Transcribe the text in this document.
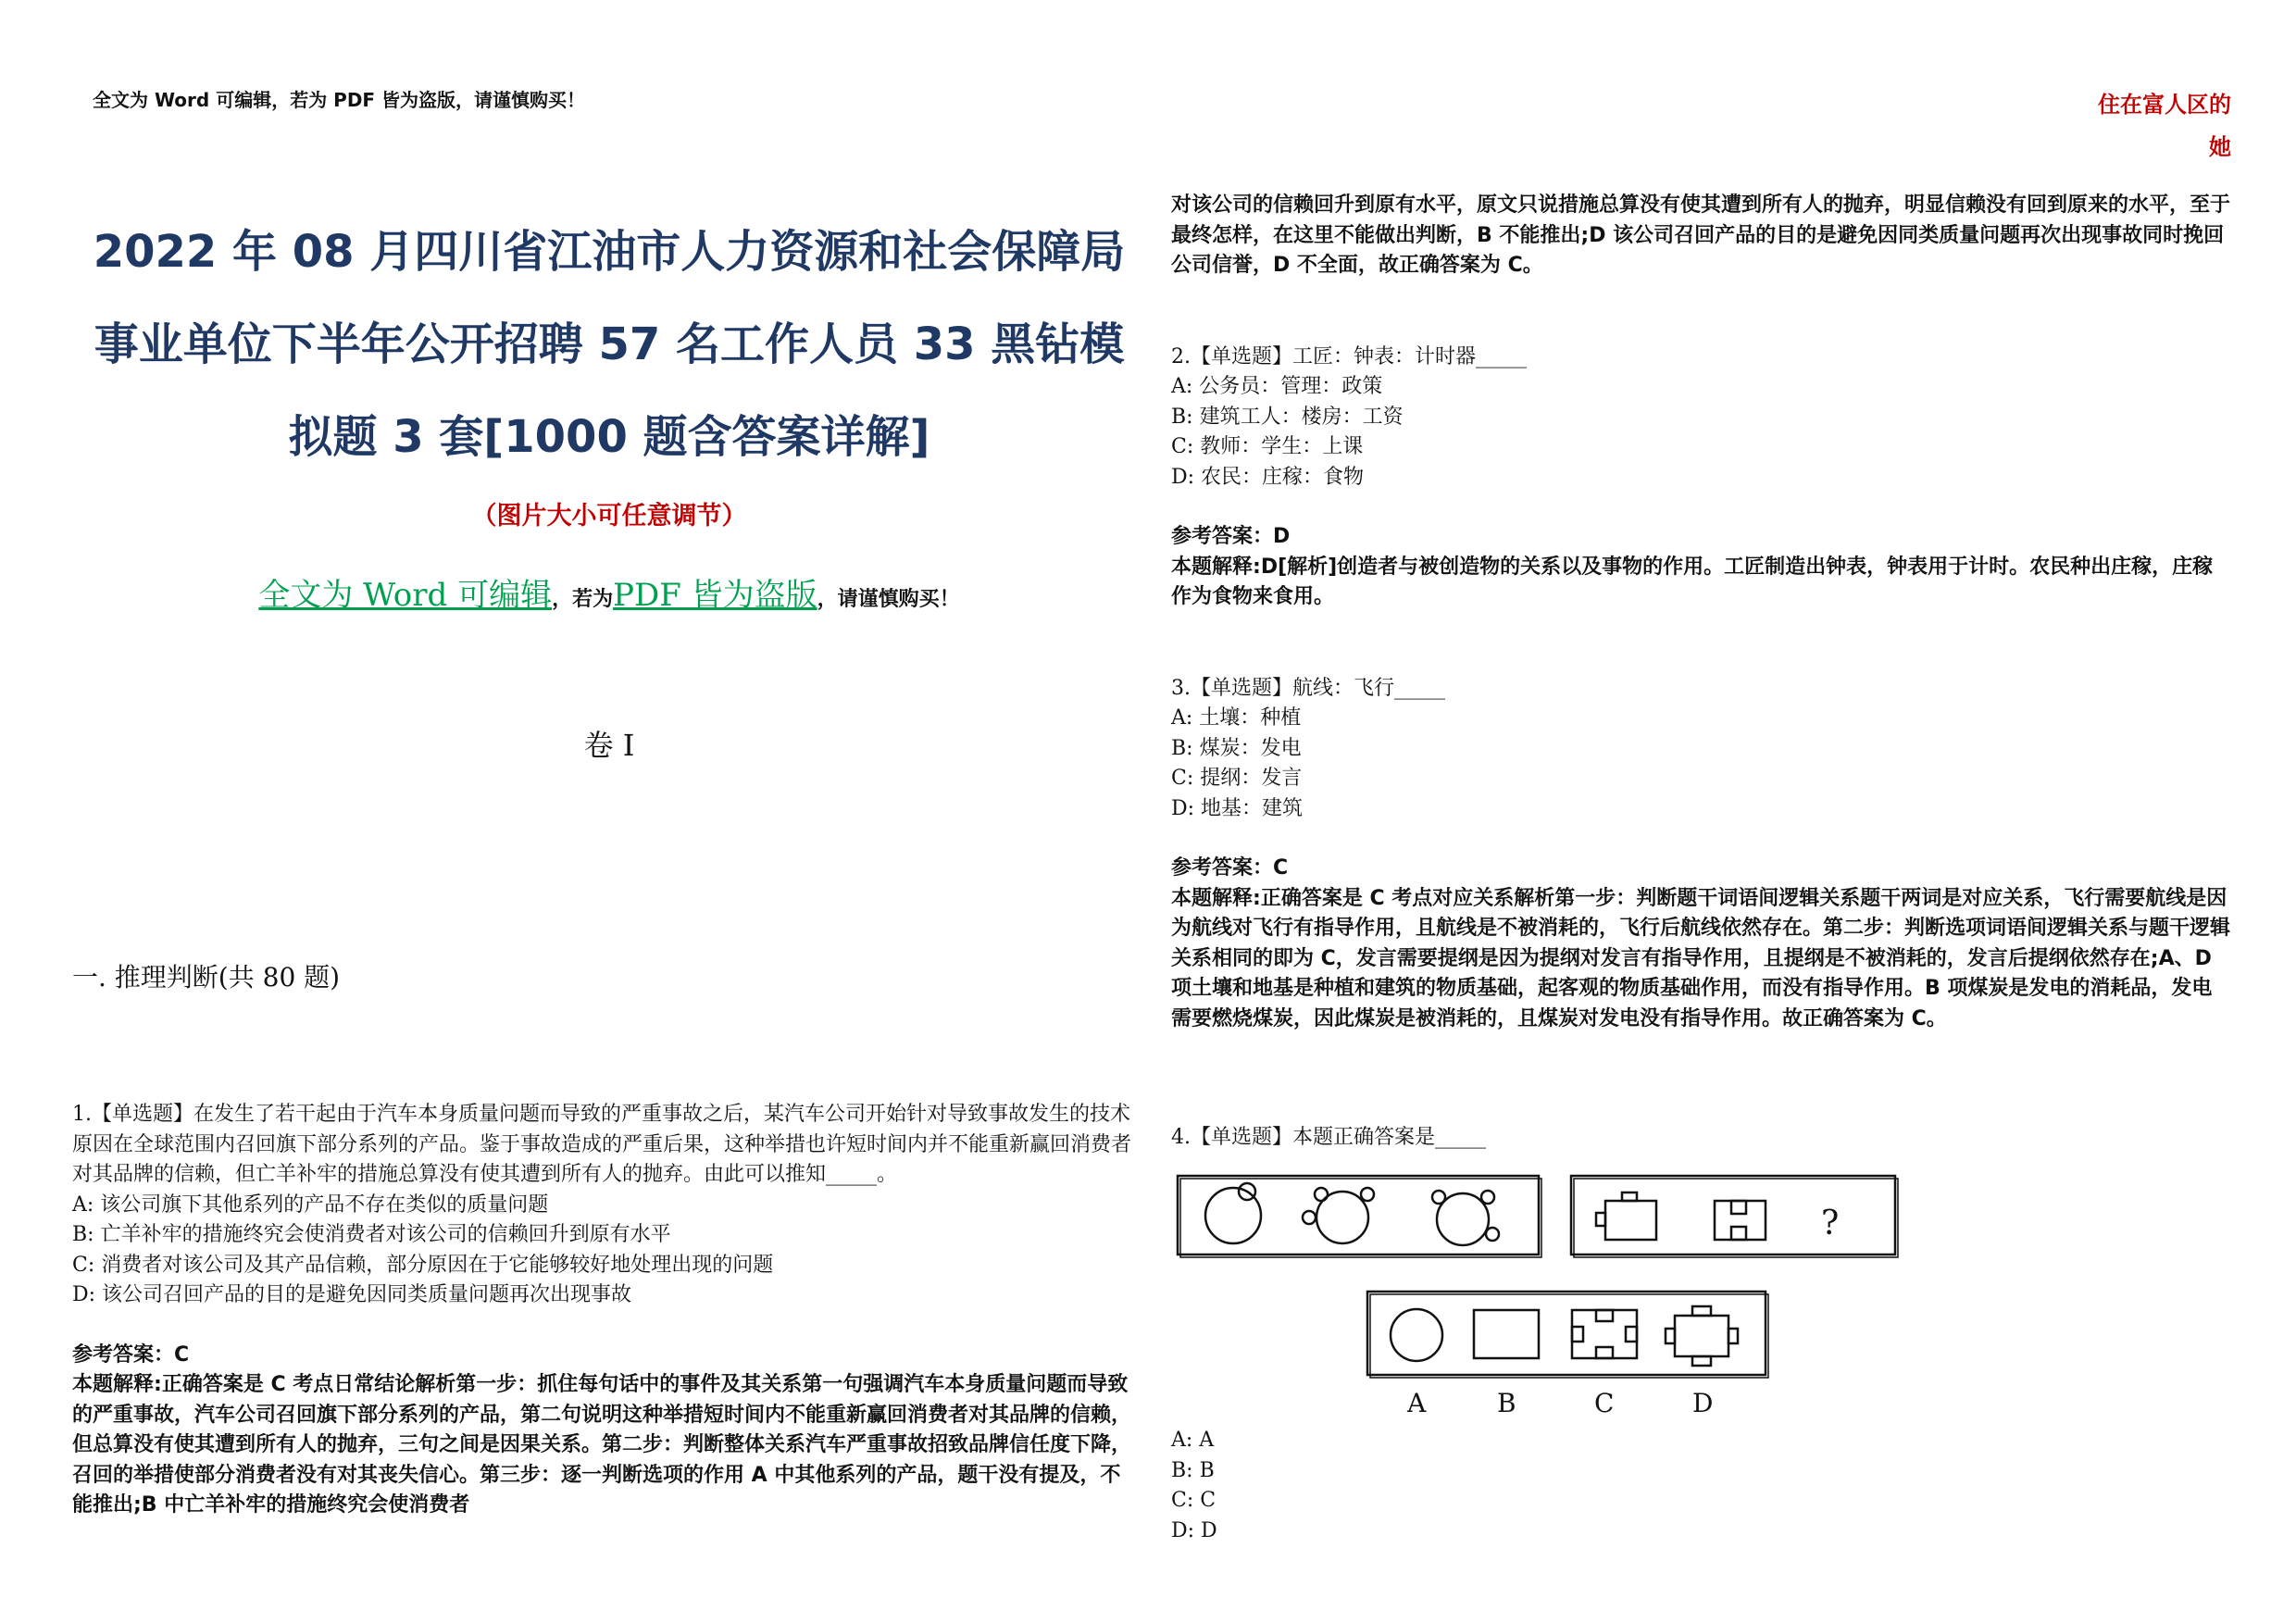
全文为 Word 可编辑，若为 PDF 皆为盗版，请谨慎购买！	住在富人区的
她
2022 年 08 月四川省江油市人力资源和社会保障局
事业单位下半年公开招聘 57 名工作人员 33 黑钻模
拟题 3 套[1000 题含答案详解]
（图片大小可任意调节）
全文为 Word 可编辑，若为PDF 皆为盗版，请谨慎购买！
卷 I
一. 推理判断(共 80 题)
1.【单选题】在发生了若干起由于汽车本身质量问题而导致的严重事故之后，某汽车公司开始针对导致事故发生的技术原因在全球范围内召回旗下部分系列的产品。鉴于事故造成的严重后果，这种举措也许短时间内并不能重新赢回消费者对其品牌的信赖，但亡羊补牢的措施总算没有使其遭到所有人的抛弃。由此可以推知_____。
A: 该公司旗下其他系列的产品不存在类似的质量问题
B: 亡羊补牢的措施终究会使消费者对该公司的信赖回升到原有水平
C: 消费者对该公司及其产品信赖，部分原因在于它能够较好地处理出现的问题
D: 该公司召回产品的目的是避免因同类质量问题再次出现事故
参考答案：C
本题解释:正确答案是 C 考点日常结论解析第一步：抓住每句话中的事件及其关系第一句强调汽车本身质量问题而导致的严重事故，汽车公司召回旗下部分系列的产品，第二句说明这种举措短时间内不能重新赢回消费者对其品牌的信赖，但总算没有使其遭到所有人的抛弃，三句之间是因果关系。第二步：判断整体关系汽车严重事故招致品牌信任度下降，召回的举措使部分消费者没有对其丧失信心。第三步：逐一判断选项的作用 A 中其他系列的产品，题干没有提及，不能推出;B 中亡羊补牢的措施终究会使消费者
对该公司的信赖回升到原有水平，原文只说措施总算没有使其遭到所有人的抛弃，明显信赖没有回到原来的水平，至于最终怎样，在这里不能做出判断，B 不能推出;D 该公司召回产品的目的是避免因同类质量问题再次出现事故同时挽回公司信誉，D 不全面，故正确答案为 C。
2.【单选题】工匠：钟表：计时器_____
A: 公务员：管理：政策
B: 建筑工人：楼房：工资
C: 教师：学生：上课
D: 农民：庄稼：食物
参考答案：D
本题解释:D[解析]创造者与被创造物的关系以及事物的作用。工匠制造出钟表，钟表用于计时。农民种出庄稼，庄稼作为食物来食用。
3.【单选题】航线：飞行_____
A: 土壤：种植
B: 煤炭：发电
C: 提纲：发言
D: 地基：建筑
参考答案：C
本题解释:正确答案是 C 考点对应关系解析第一步：判断题干词语间逻辑关系题干两词是对应关系，飞行需要航线是因为航线对飞行有指导作用，且航线是不被消耗的，飞行后航线依然存在。第二步：判断选项词语间逻辑关系与题干逻辑关系相同的即为 C，发言需要提纲是因为提纲对发言有指导作用，且提纲是不被消耗的，发言后提纲依然存在;A、D 项土壤和地基是种植和建筑的物质基础，起客观的物质基础作用，而没有指导作用。B 项煤炭是发电的消耗品，发电需要燃烧煤炭，因此煤炭是被消耗的，且煤炭对发电没有指导作用。故正确答案为 C。
4.【单选题】本题正确答案是_____
?
A	B	C	D
A: A
B: B
C: C
D: D
